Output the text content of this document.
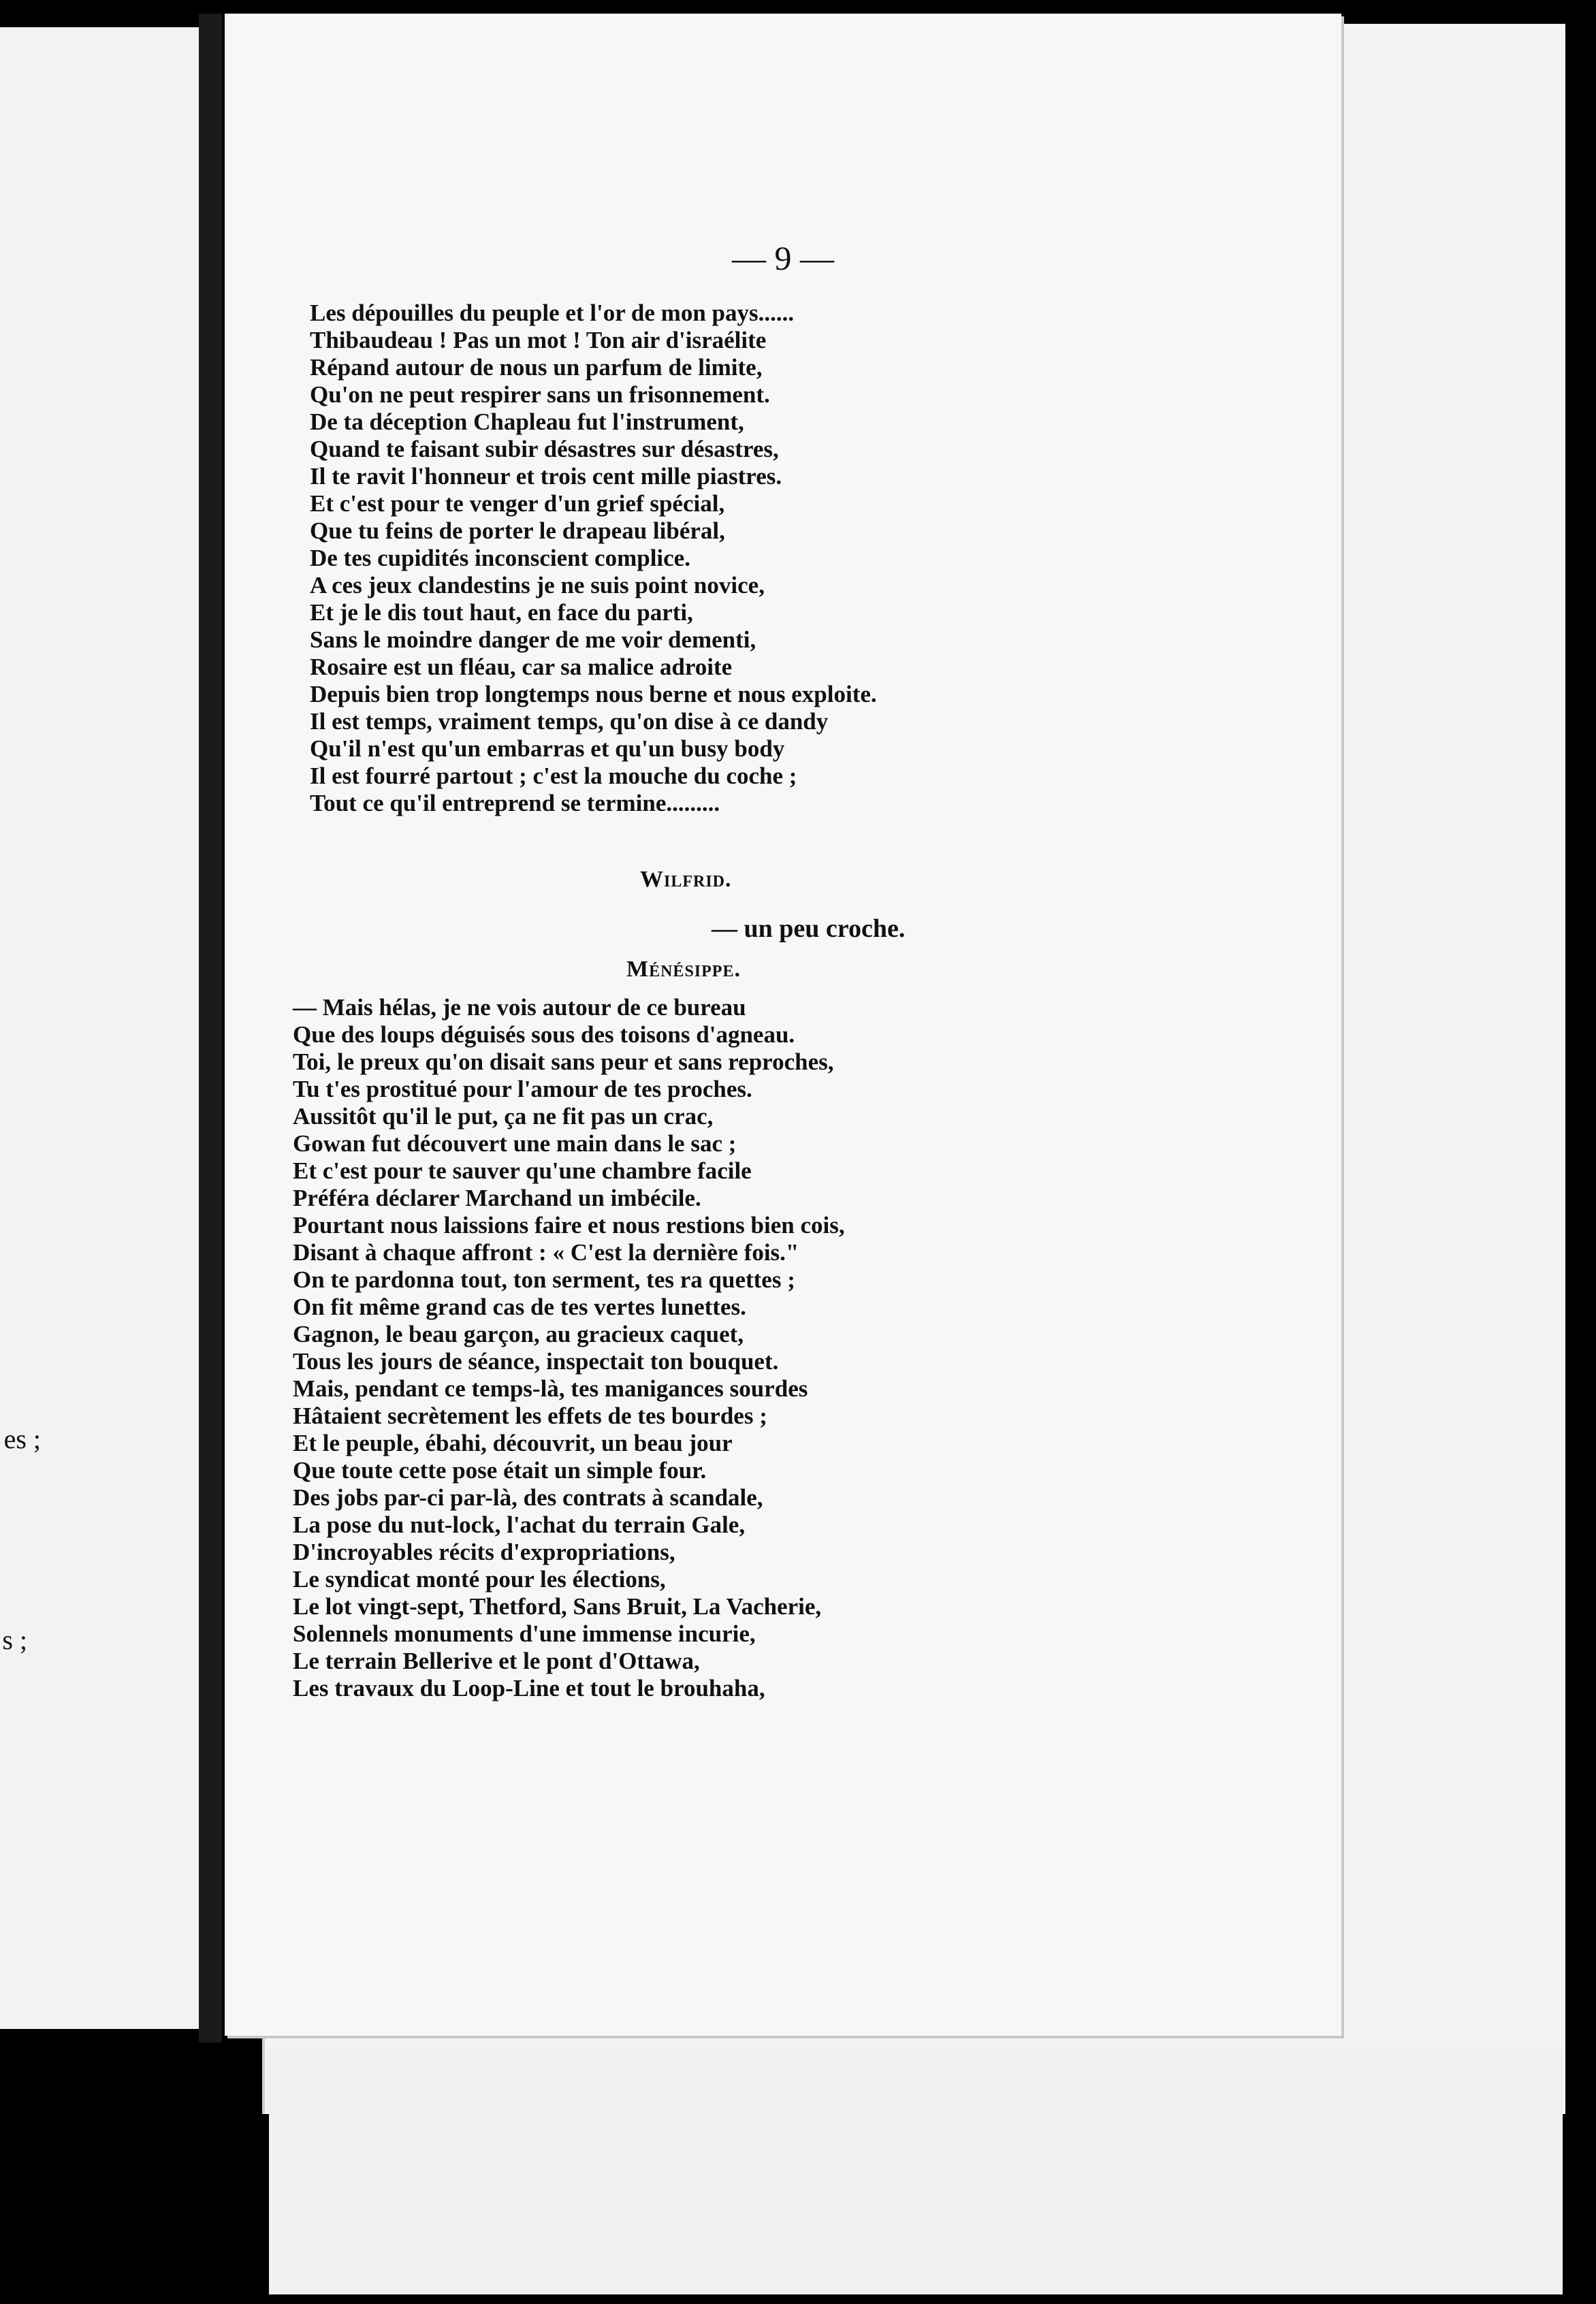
es ;
s ;
— 9 —
Les dépouilles du peuple et l'or de mon pays......
Thibaudeau ! Pas un mot ! Ton air d'israélite
Répand autour de nous un parfum de limite,
Qu'on ne peut respirer sans un frisonnement.
De ta déception Chapleau fut l'instrument,
Quand te faisant subir désastres sur désastres,
Il te ravit l'honneur et trois cent mille piastres.
Et c'est pour te venger d'un grief spécial,
Que tu feins de porter le drapeau libéral,
De tes cupidités inconscient complice.
A ces jeux clandestins je ne suis point novice,
Et je le dis tout haut, en face du parti,
Sans le moindre danger de me voir dementi,
Rosaire est un fléau, car sa malice adroite
Depuis bien trop longtemps nous berne et nous exploite.
Il est temps, vraiment temps, qu'on dise à ce dandy
Qu'il n'est qu'un embarras et qu'un busy body
Il est fourré partout ; c'est la mouche du coche ;
Tout ce qu'il entreprend se termine.........
Wilfrid.
— un peu croche.
Ménésippe.
— Mais hélas, je ne vois autour de ce bureau
Que des loups déguisés sous des toisons d'agneau.
Toi, le preux qu'on disait sans peur et sans reproches,
Tu t'es prostitué pour l'amour de tes proches.
Aussitôt qu'il le put, ça ne fit pas un crac,
Gowan fut découvert une main dans le sac ;
Et c'est pour te sauver qu'une chambre facile
Préféra déclarer Marchand un imbécile.
Pourtant nous laissions faire et nous restions bien cois,
Disant à chaque affront : « C'est la dernière fois."
On te pardonna tout, ton serment, tes ra quettes ;
On fit même grand cas de tes vertes lunettes.
Gagnon, le beau garçon, au gracieux caquet,
Tous les jours de séance, inspectait ton bouquet.
Mais, pendant ce temps-là, tes manigances sourdes
Hâtaient secrètement les effets de tes bourdes ;
Et le peuple, ébahi, découvrit, un beau jour
Que toute cette pose était un simple four.
Des jobs par-ci par-là, des contrats à scandale,
La pose du nut-lock, l'achat du terrain Gale,
D'incroyables récits d'expropriations,
Le syndicat monté pour les élections,
Le lot vingt-sept, Thetford, Sans Bruit, La Vacherie,
Solennels monuments d'une immense incurie,
Le terrain Bellerive et le pont d'Ottawa,
Les travaux du Loop-Line et tout le brouhaha,
